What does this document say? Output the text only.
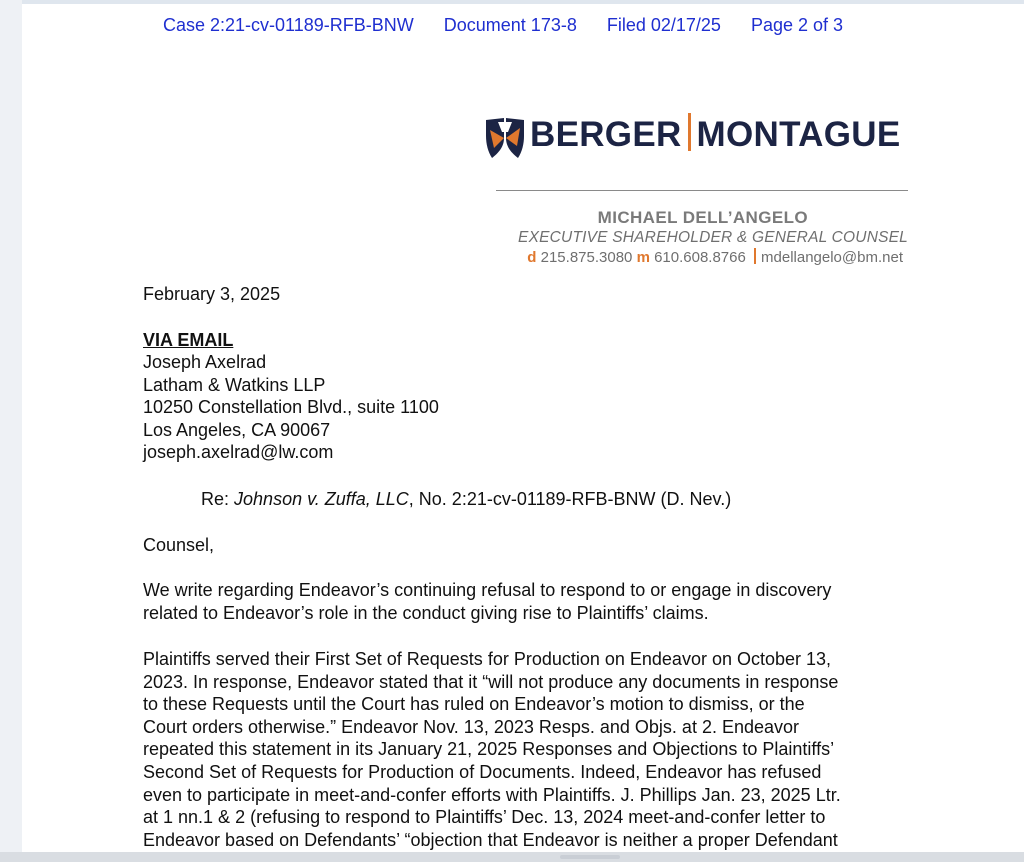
Case 2:21-cv-01189-RFB-BNW Document 173-8 Filed 02/17/25 Page 2 of 3
BERGER MONTAGUE
MICHAEL DELL’ANGELO
EXECUTIVE SHAREHOLDER & GENERAL COUNSEL
d 215.875.3080 m 610.608.8766 mdellangelo@bm.net
February 3, 2025
VIA EMAIL
Joseph Axelrad
Latham & Watkins LLP
10250 Constellation Blvd., suite 1100
Los Angeles, CA 90067
joseph.axelrad@lw.com
Re: Johnson v. Zuffa, LLC, No. 2:21-cv-01189-RFB-BNW (D. Nev.)
Counsel,
We write regarding Endeavor’s continuing refusal to respond to or engage in discovery
related to Endeavor’s role in the conduct giving rise to Plaintiffs’ claims.
Plaintiffs served their First Set of Requests for Production on Endeavor on October 13,
2023. In response, Endeavor stated that it “will not produce any documents in response
to these Requests until the Court has ruled on Endeavor’s motion to dismiss, or the
Court orders otherwise.” Endeavor Nov. 13, 2023 Resps. and Objs. at 2. Endeavor
repeated this statement in its January 21, 2025 Responses and Objections to Plaintiffs’
Second Set of Requests for Production of Documents. Indeed, Endeavor has refused
even to participate in meet-and-confer efforts with Plaintiffs. J. Phillips Jan. 23, 2025 Ltr.
at 1 nn.1 & 2 (refusing to respond to Plaintiffs’ Dec. 13, 2024 meet-and-confer letter to
Endeavor based on Defendants’ “objection that Endeavor is neither a proper Defendant
